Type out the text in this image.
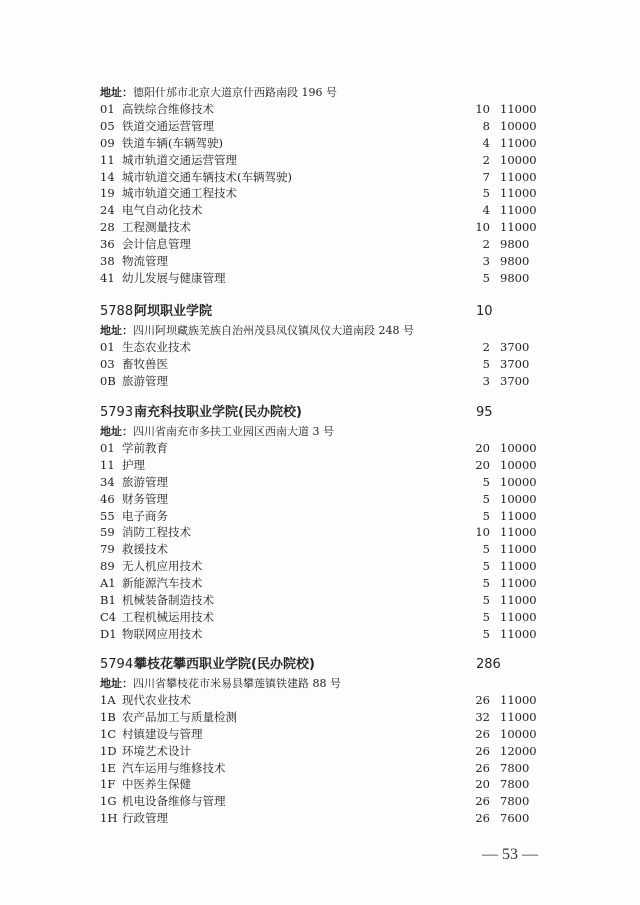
地址：德阳什邡市北京大道京什西路南段 196 号
01 高铁综合维修技术	10 11000
05 铁道交通运营管理	8 10000
09 铁道车辆(车辆驾驶)	4 11000
11 城市轨道交通运营管理	2 10000
14 城市轨道交通车辆技术(车辆驾驶)	7 11000
19 城市轨道交通工程技术	5 11000
24 电气自动化技术	4 11000
28 工程测量技术	10 11000
36 会计信息管理	2 9800
38 物流管理	3 9800
41 幼儿发展与健康管理	5 9800
5788 阿坝职业学院	10
地址：四川阿坝藏族羌族自治州茂县凤仪镇凤仪大道南段 248 号
01 生态农业技术	2 3700
03 畜牧兽医	5 3700
0B 旅游管理	3 3700
5793 南充科技职业学院(民办院校)	95
地址：四川省南充市多扶工业园区西南大道 3 号
01 学前教育	20 10000
11 护理	20 10000
34 旅游管理	5 10000
46 财务管理	5 10000
55 电子商务	5 11000
59 消防工程技术	10 11000
79 救援技术	5 11000
89 无人机应用技术	5 11000
A1 新能源汽车技术	5 11000
B1 机械装备制造技术	5 11000
C4 工程机械运用技术	5 11000
D1 物联网应用技术	5 11000
5794 攀枝花攀西职业学院(民办院校)	286
地址：四川省攀枝花市米易县攀莲镇铁建路 88 号
1A 现代农业技术	26 11000
1B 农产品加工与质量检测	32 11000
1C 村镇建设与管理	26 10000
1D 环境艺术设计	26 12000
1E 汽车运用与维修技术	26 7800
1F 中医养生保健	20 7800
1G 机电设备维修与管理	26 7800
1H 行政管理	26 7600
— 53 —
